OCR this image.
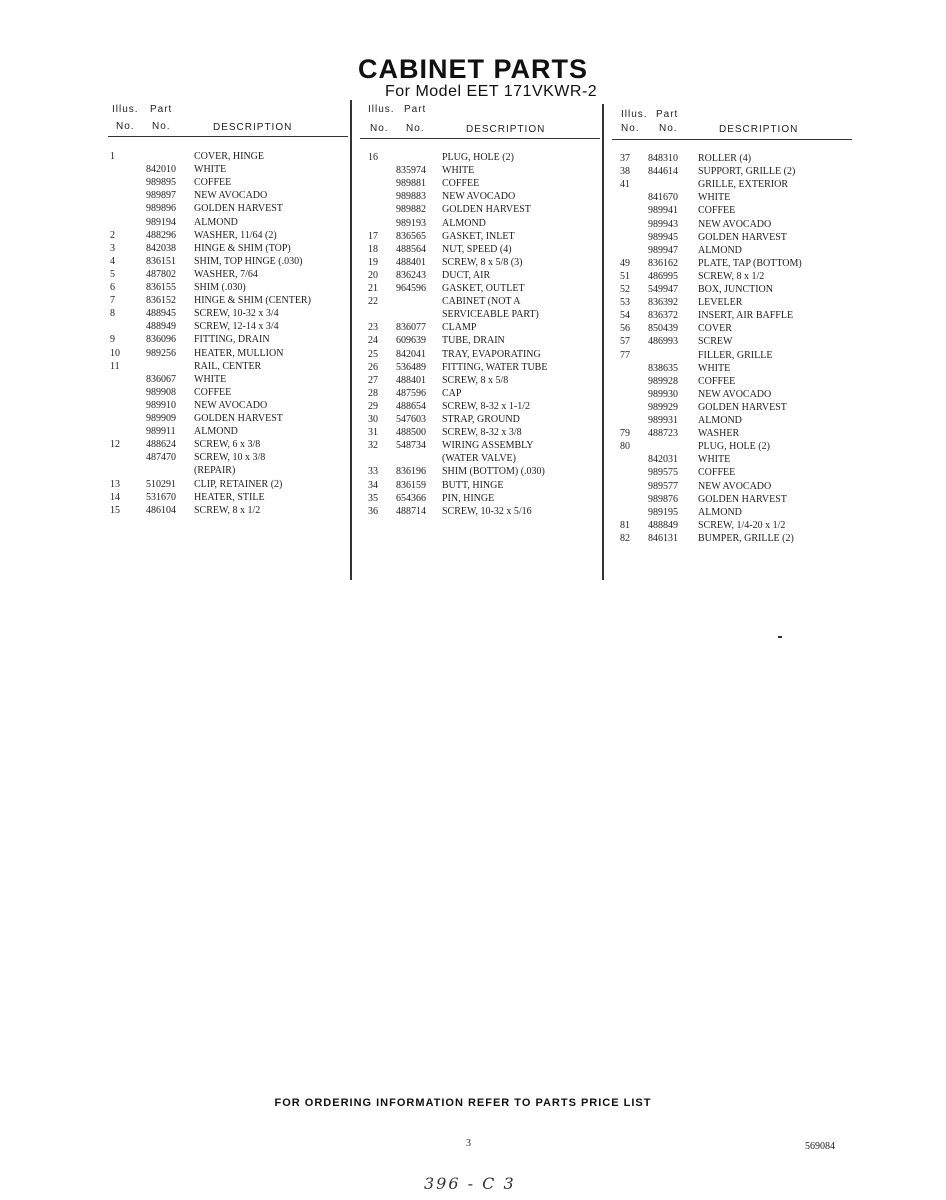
CABINET PARTS
For Model EET 171VKWR-2
Illus. Part
No. No.	DESCRIPTION
Illus. Part
No. No.	DESCRIPTION
Illus. Part
No. No.	DESCRIPTION
1	COVER, HINGE
842010 WHITE
989895 COFFEE
989897 NEW AVOCADO
989896 GOLDEN HARVEST
989194 ALMOND
2	488296 WASHER, 11/64 (2)
3	842038 HINGE & SHIM (TOP)
4	836151 SHIM, TOP HINGE (.030)
5	487802 WASHER, 7/64
6	836155 SHIM (.030)
7	836152 HINGE & SHIM (CENTER)
8	488945 SCREW, 10-32 x 3/4
488949 SCREW, 12-14 x 3/4
9	836096 FITTING, DRAIN
10	989256 HEATER, MULLION
11	RAIL, CENTER
836067 WHITE
989908 COFFEE
989910 NEW AVOCADO
989909 GOLDEN HARVEST
989911 ALMOND
12	488624 SCREW, 6 x 3/8
487470 SCREW, 10 x 3/8
(REPAIR)
13	510291 CLIP, RETAINER (2)
14	531670 HEATER, STILE
15	486104 SCREW, 8 x 1/2
16	PLUG, HOLE (2)
835974 WHITE
989881 COFFEE
989883 NEW AVOCADO
989882 GOLDEN HARVEST
989193 ALMOND
17 836565 GASKET, INLET
18 488564 NUT, SPEED (4)
19 488401 SCREW, 8 x 5/8 (3)
20 836243 DUCT, AIR
21 964596 GASKET, OUTLET
22	CABINET (NOT A
SERVICEABLE PART)
23 836077 CLAMP
24 609639 TUBE, DRAIN
25 842041 TRAY, EVAPORATING
26 536489 FITTING, WATER TUBE
27 488401 SCREW, 8 x 5/8
28 487596 CAP
29 488654 SCREW, 8-32 x 1-1/2
30 547603 STRAP, GROUND
31 488500 SCREW, 8-32 x 3/8
32 548734 WIRING ASSEMBLY
(WATER VALVE)
33 836196 SHIM (BOTTOM) (.030)
34 836159 BUTT, HINGE
35 654366 PIN, HINGE
36 488714 SCREW, 10-32 x 5/16
37 848310 ROLLER (4)
38 844614 SUPPORT, GRILLE (2)
41	GRILLE, EXTERIOR
841670 WHITE
989941 COFFEE
989943 NEW AVOCADO
989945 GOLDEN HARVEST
989947 ALMOND
49 836162 PLATE, TAP (BOTTOM)
51 486995 SCREW, 8 x 1/2
52 549947 BOX, JUNCTION
53 836392 LEVELER
54 836372 INSERT, AIR BAFFLE
56 850439 COVER
57 486993 SCREW
77	FILLER, GRILLE
838635 WHITE
989928 COFFEE
989930 NEW AVOCADO
989929 GOLDEN HARVEST
989931 ALMOND
79 488723 WASHER
80	PLUG, HOLE (2)
842031 WHITE
989575 COFFEE
989577 NEW AVOCADO
989876 GOLDEN HARVEST
989195 ALMOND
81 488849 SCREW, 1/4-20 x 1/2
82 846131 BUMPER, GRILLE (2)
FOR ORDERING INFORMATION REFER TO PARTS PRICE LIST
3	569084
396 - C 3
